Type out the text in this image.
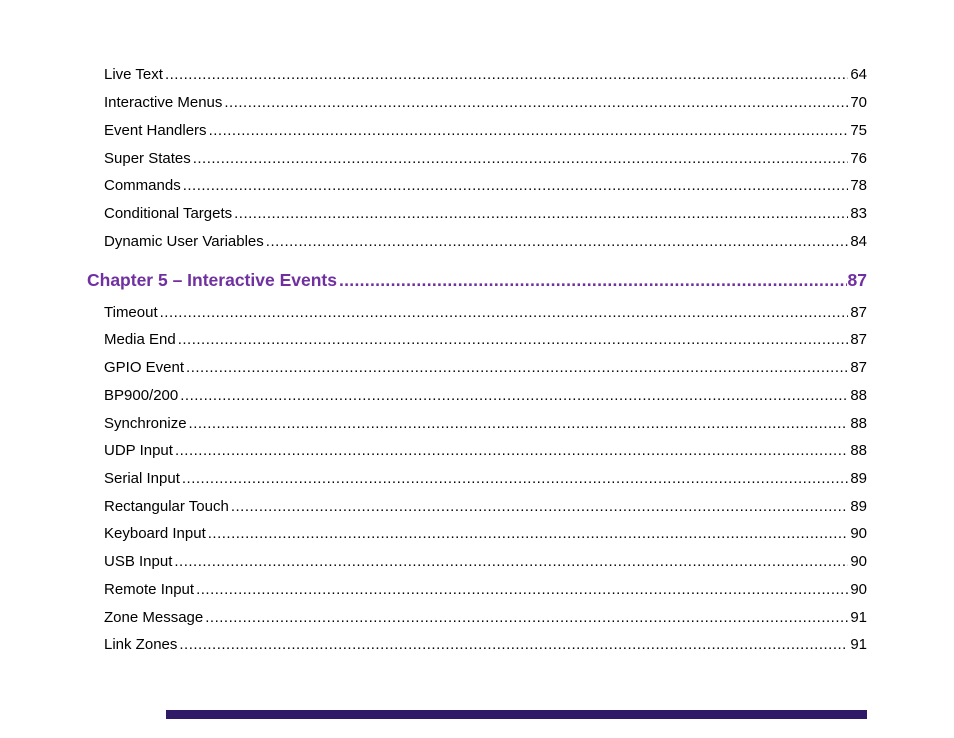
Live Text .....	64
Interactive Menus .....	70
Event Handlers .....	75
Super States .....	76
Commands .....	78
Conditional Targets .....	83
Dynamic User Variables .....	84
Chapter 5 – Interactive Events .....	87
Timeout .....	87
Media End .....	87
GPIO Event .....	87
BP900/200 .....	88
Synchronize .....	88
UDP Input .....	88
Serial Input .....	89
Rectangular Touch .....	89
Keyboard Input .....	90
USB Input .....	90
Remote Input .....	90
Zone Message .....	91
Link Zones .....	91
